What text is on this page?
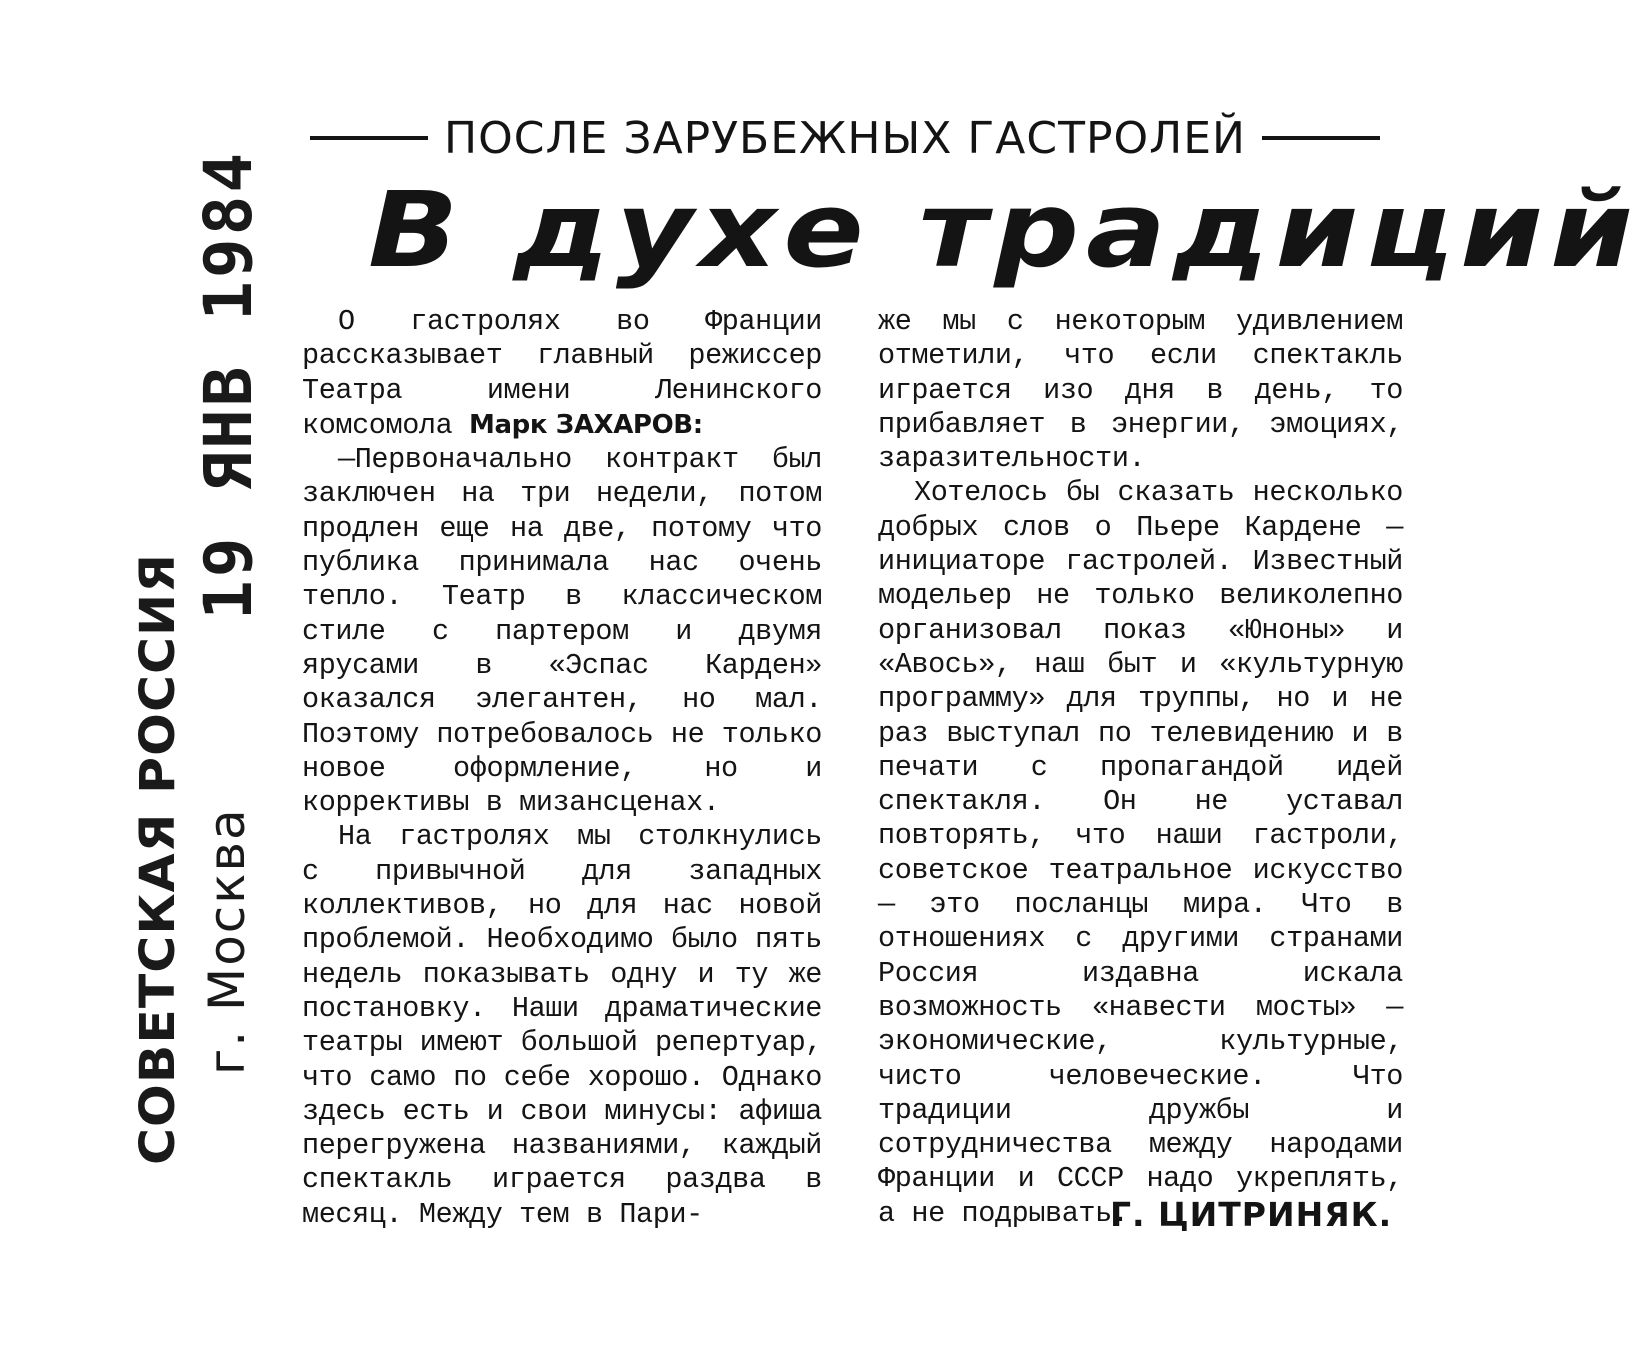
19 ЯНВ 1984
СОВЕТСКАЯ РОССИЯ г. Москва
ПОСЛЕ ЗАРУБЕЖНЫХ ГАСТРОЛЕЙ
В духе традиций

О гастролях во Франции рассказывает главный режиссер Театра имени Ленинского комсомола Марк ЗАХАРОВ:

—Первоначально контракт был заключен на три недели, потом продлен еще на две, потому что публика принимала нас очень тепло. Театр в классическом стиле с партером и двумя ярусами в «Эспас Карден» оказался элегантен, но мал. Поэтому потребовалось не только новое оформление, но и коррективы в мизансценах.

На гастролях мы столкнулись с привычной для западных коллективов, но для нас новой проблемой. Необходимо было пять недель показывать одну и ту же постановку. Наши драматические театры имеют большой репертуар, что само по себе хорошо. Однако здесь есть и свои минусы: афиша перегружена названиями, каждый спектакль играется раздва в месяц. Между тем в Пари-

же мы с некоторым удивлением отметили, что если спектакль играется изо дня в день, то прибавляет в энергии, эмоциях, заразительности.

Хотелось бы сказать несколько добрых слов о Пьере Кардене — инициаторе гастролей. Известный модельер не только великолепно организовал показ «Юноны» и «Авось», наш быт и «культурную программу» для труппы, но и не раз выступал по телевидению и в печати с пропагандой идей спектакля. Он не уставал повторять, что наши гастроли, советское театральное искусство — это посланцы мира. Что в отношениях с другими странами Россия издавна искала возможность «навести мосты» — экономические, культурные, чисто человеческие. Что традиции дружбы и сотрудничества между народами Франции и СССР надо укреплять, а не подрывать.

Г. ЦИТРИНЯК.
